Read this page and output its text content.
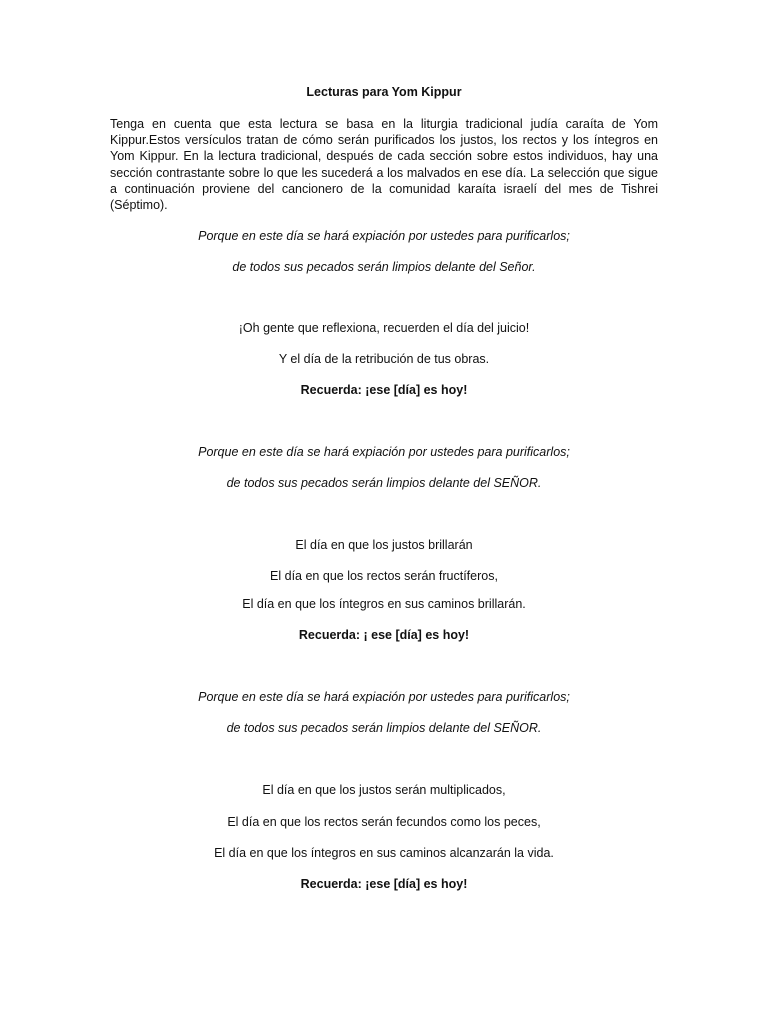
Lecturas para Yom Kippur
Tenga en cuenta que esta lectura se basa en la liturgia tradicional judía caraíta de Yom Kippur.Estos versículos tratan de cómo serán purificados los justos, los rectos y los íntegros en Yom Kippur. En la lectura tradicional, después de cada sección sobre estos individuos, hay una sección contrastante sobre lo que les sucederá a los malvados en ese día. La selección que sigue a continuación proviene del cancionero de la comunidad karaíta israelí del mes de Tishrei (Séptimo).
Porque en este día se hará expiación por ustedes para purificarlos;
de todos sus pecados serán limpios delante del Señor.
¡Oh gente que reflexiona, recuerden el día del juicio!
Y el día de la retribución de tus obras.
Recuerda: ¡ese [día] es hoy!
Porque en este día se hará expiación por ustedes para purificarlos;
de todos sus pecados serán limpios delante del SEÑOR.
El día en que los justos brillarán
El día en que los rectos serán fructíferos,
El día en que los íntegros en sus caminos brillarán.
Recuerda: ¡ ese [día] es hoy!
Porque en este día se hará expiación por ustedes para purificarlos;
de todos sus pecados serán limpios delante del SEÑOR.
El día en que los justos serán multiplicados,
El día en que los rectos serán fecundos como los peces,
El día en que los íntegros en sus caminos alcanzarán la vida.
Recuerda: ¡ese [día] es hoy!
